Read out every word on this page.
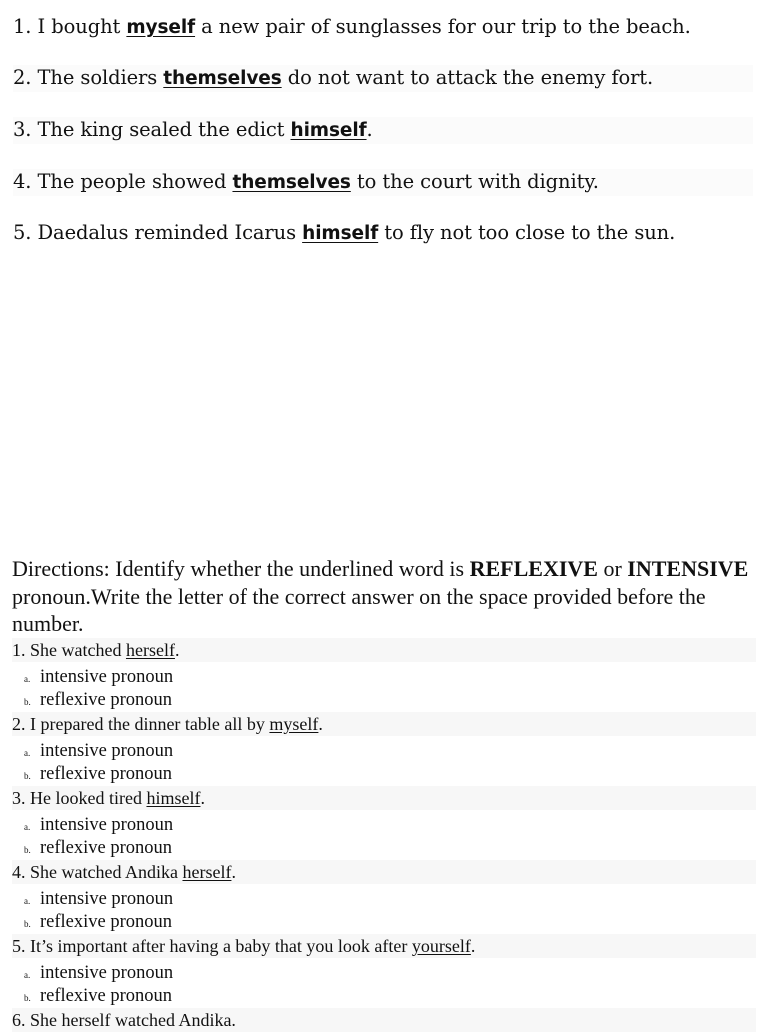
1. I bought myself a new pair of sunglasses for our trip to the beach.
2. The soldiers themselves do not want to attack the enemy fort.
3. The king sealed the edict himself.
4. The people showed themselves to the court with dignity.
5. Daedalus reminded Icarus himself to fly not too close to the sun.
Directions: Identify whether the underlined word is REFLEXIVE or INTENSIVE pronoun.Write the letter of the correct answer on the space provided before the number.
1. She watched herself.
a. intensive pronoun
b. reflexive pronoun
2. I prepared the dinner table all by myself.
a. intensive pronoun
b. reflexive pronoun
3. He looked tired himself.
a. intensive pronoun
b. reflexive pronoun
4. She watched Andika herself.
a. intensive pronoun
b. reflexive pronoun
5. It’s important after having a baby that you look after yourself.
a. intensive pronoun
b. reflexive pronoun
6. She herself watched Andika.
